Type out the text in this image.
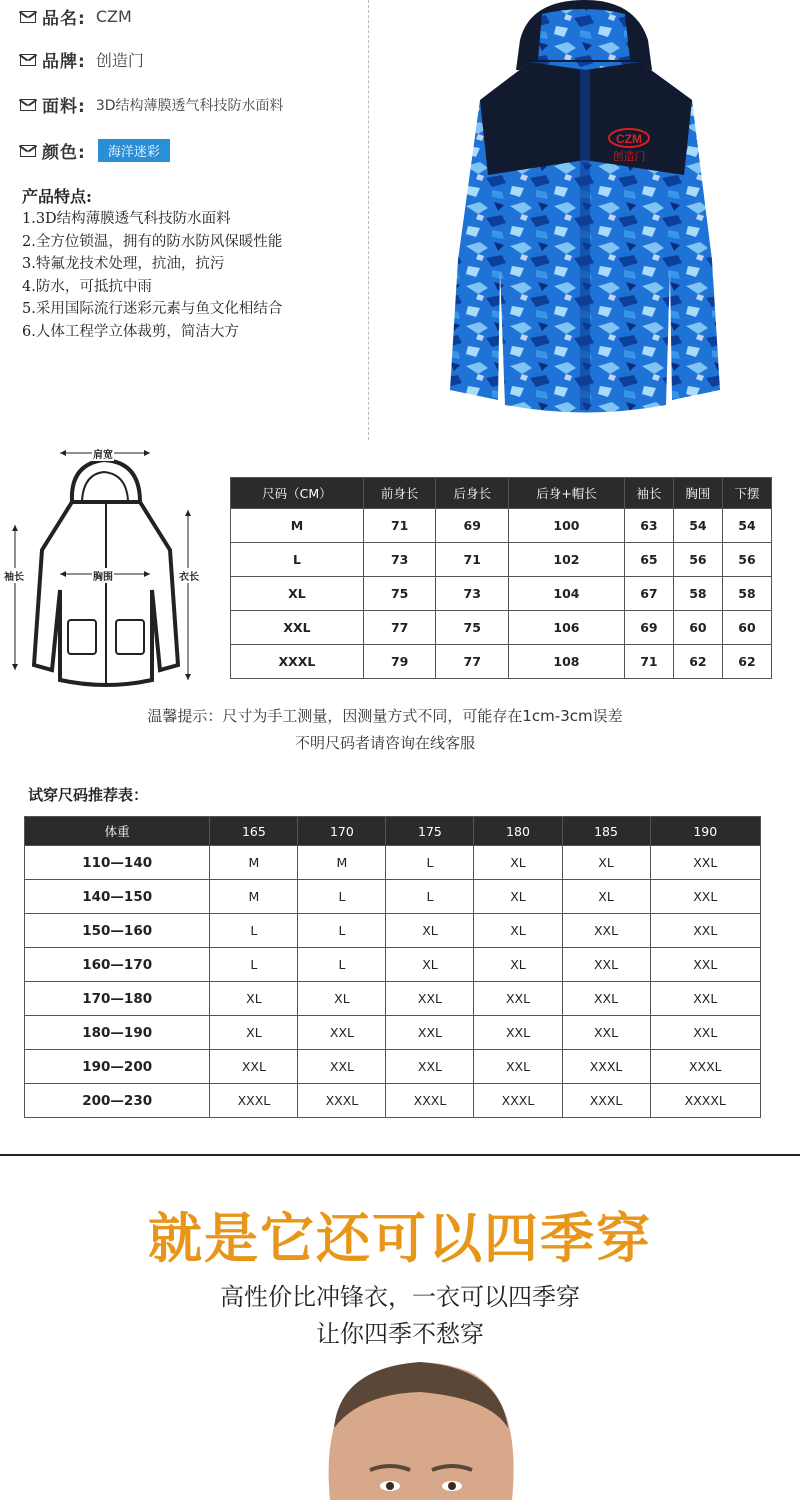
品名: CZM
品牌: 创造门
面料: 3D结构薄膜透气科技防水面料
颜色:	海洋迷彩
产品特点:
1.3D结构薄膜透气科技防水面料
2.全方位锁温，拥有的防水防风保暖性能
3.特氟龙技术处理，抗油，抗污
4.防水，可抵抗中雨
5.采用国际流行迷彩元素与鱼文化相结合
6.人体工程学立体裁剪，简洁大方
CZM
创造门
肩宽
袖长	胸围	衣长
尺码（CM）	前身长	后身长	后身+帽长	袖长	胸围	下摆
M	71	69	100	63	54	54
L	73	71	102	65	56	56
XL	75	73	104	67	58	58
XXL	77	75	106	69	60	60
XXXL	79	77	108	71	62	62
温馨提示：尺寸为手工测量，因测量方式不同，可能存在1cm-3cm误差
不明尺码者请咨询在线客服
试穿尺码推荐表：
体重	165	170	175	180	185	190
110—140	M	M	L	XL	XL	XXL
140—150	M	L	L	XL	XL	XXL
150—160	L	L	XL	XL	XXL	XXL
160—170	L	L	XL	XL	XXL	XXL
170—180	XL	XL	XXL	XXL	XXL	XXL
180—190	XL	XXL	XXL	XXL	XXL	XXL
190—200	XXL	XXL	XXL	XXL	XXXL	XXXL
200—230	XXXL	XXXL	XXXL	XXXL	XXXL	XXXXL
就是它还可以四季穿
高性价比冲锋衣，一衣可以四季穿
让你四季不愁穿
